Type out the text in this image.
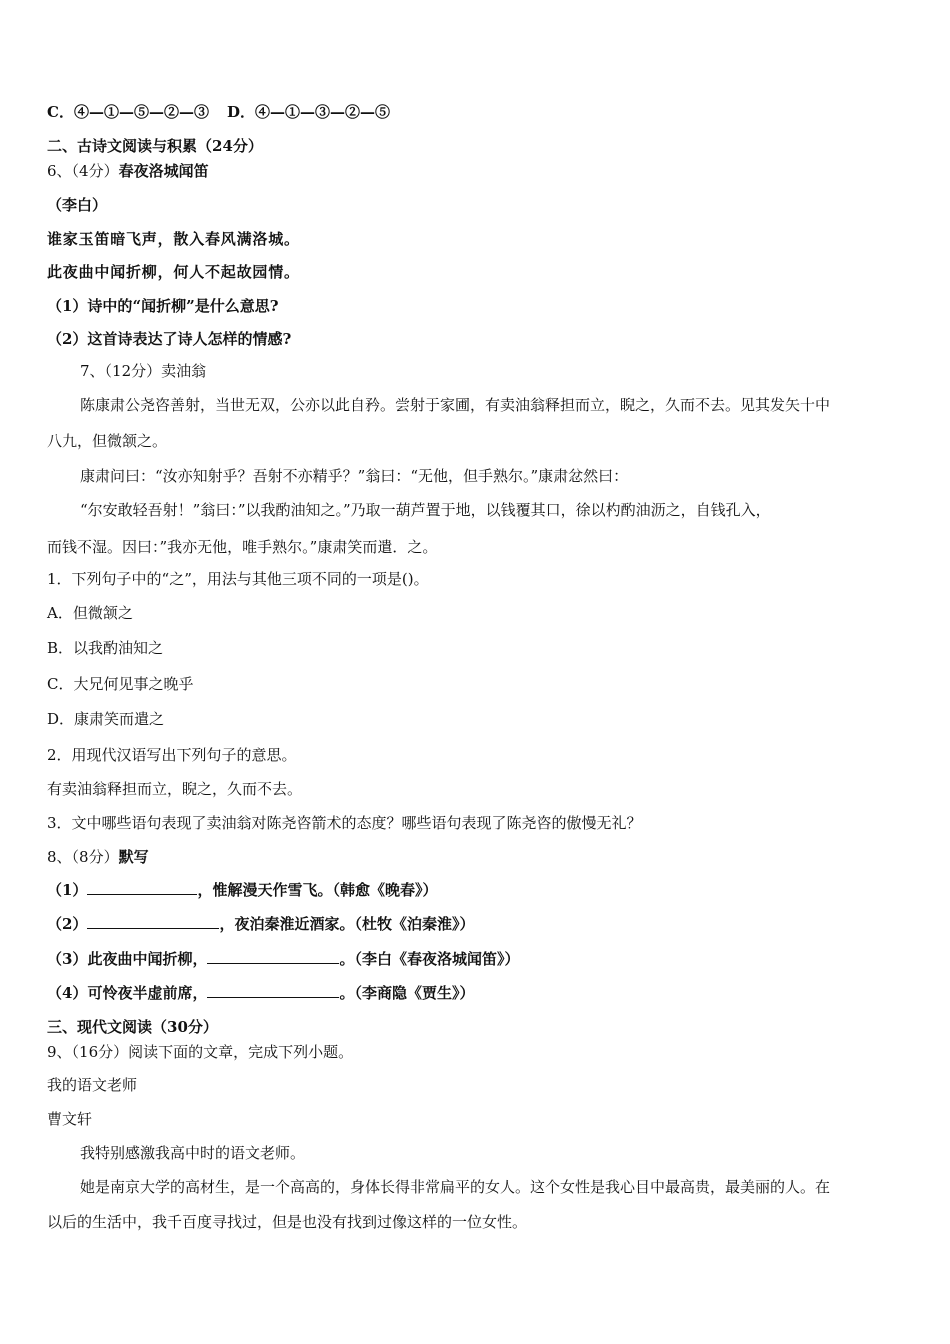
C．④—①—⑤—②—③ D．④—①—③—②—⑤
二、古诗文阅读与积累（24分）
6、（4分）春夜洛城闻笛
（李白）
谁家玉笛暗飞声，散入春风满洛城。
此夜曲中闻折柳，何人不起故园情。
（1）诗中的“闻折柳”是什么意思?
（2）这首诗表达了诗人怎样的情感?
7、（12分）卖油翁
陈康肃公尧咨善射，当世无双，公亦以此自矜。尝射于家圃，有卖油翁释担而立，睨之，久而不去。见其发矢十中
八九，但微颔之。
康肃问曰：“汝亦知射乎？吾射不亦精乎？”翁曰：“无他，但手熟尔。”康肃忿然曰：
“尔安敢轻吾射！”翁曰：”以我酌油知之。”乃取一葫芦置于地，以钱覆其口，徐以杓酌油沥之，自钱孔入，
而钱不湿。因曰：”我亦无他，唯手熟尔。”康肃笑而遣．之。
1．下列句子中的“之”，用法与其他三项不同的一项是()。
A．但微颔之
B．以我酌油知之
C．大兄何见事之晚乎
D．康肃笑而遣之
2．用现代汉语写出下列句子的意思。
有卖油翁释担而立，睨之，久而不去。
3．文中哪些语句表现了卖油翁对陈尧咨箭术的态度？哪些语句表现了陈尧咨的傲慢无礼？
8、（8分）默写
（1）	，惟解漫天作雪飞。（韩愈《晚春》）
（2）	，夜泊秦淮近酒家。（杜牧《泊秦淮》）
（3）此夜曲中闻折柳，	。（李白《春夜洛城闻笛》）
（4）可怜夜半虚前席，	。（李商隐《贾生》）
三、现代文阅读（30分）
9、（16分）阅读下面的文章，完成下列小题。
我的语文老师
曹文轩
我特别感激我高中时的语文老师。
她是南京大学的高材生，是一个高高的，身体长得非常扁平的女人。这个女性是我心目中最高贵，最美丽的人。在
以后的生活中，我千百度寻找过，但是也没有找到过像这样的一位女性。
